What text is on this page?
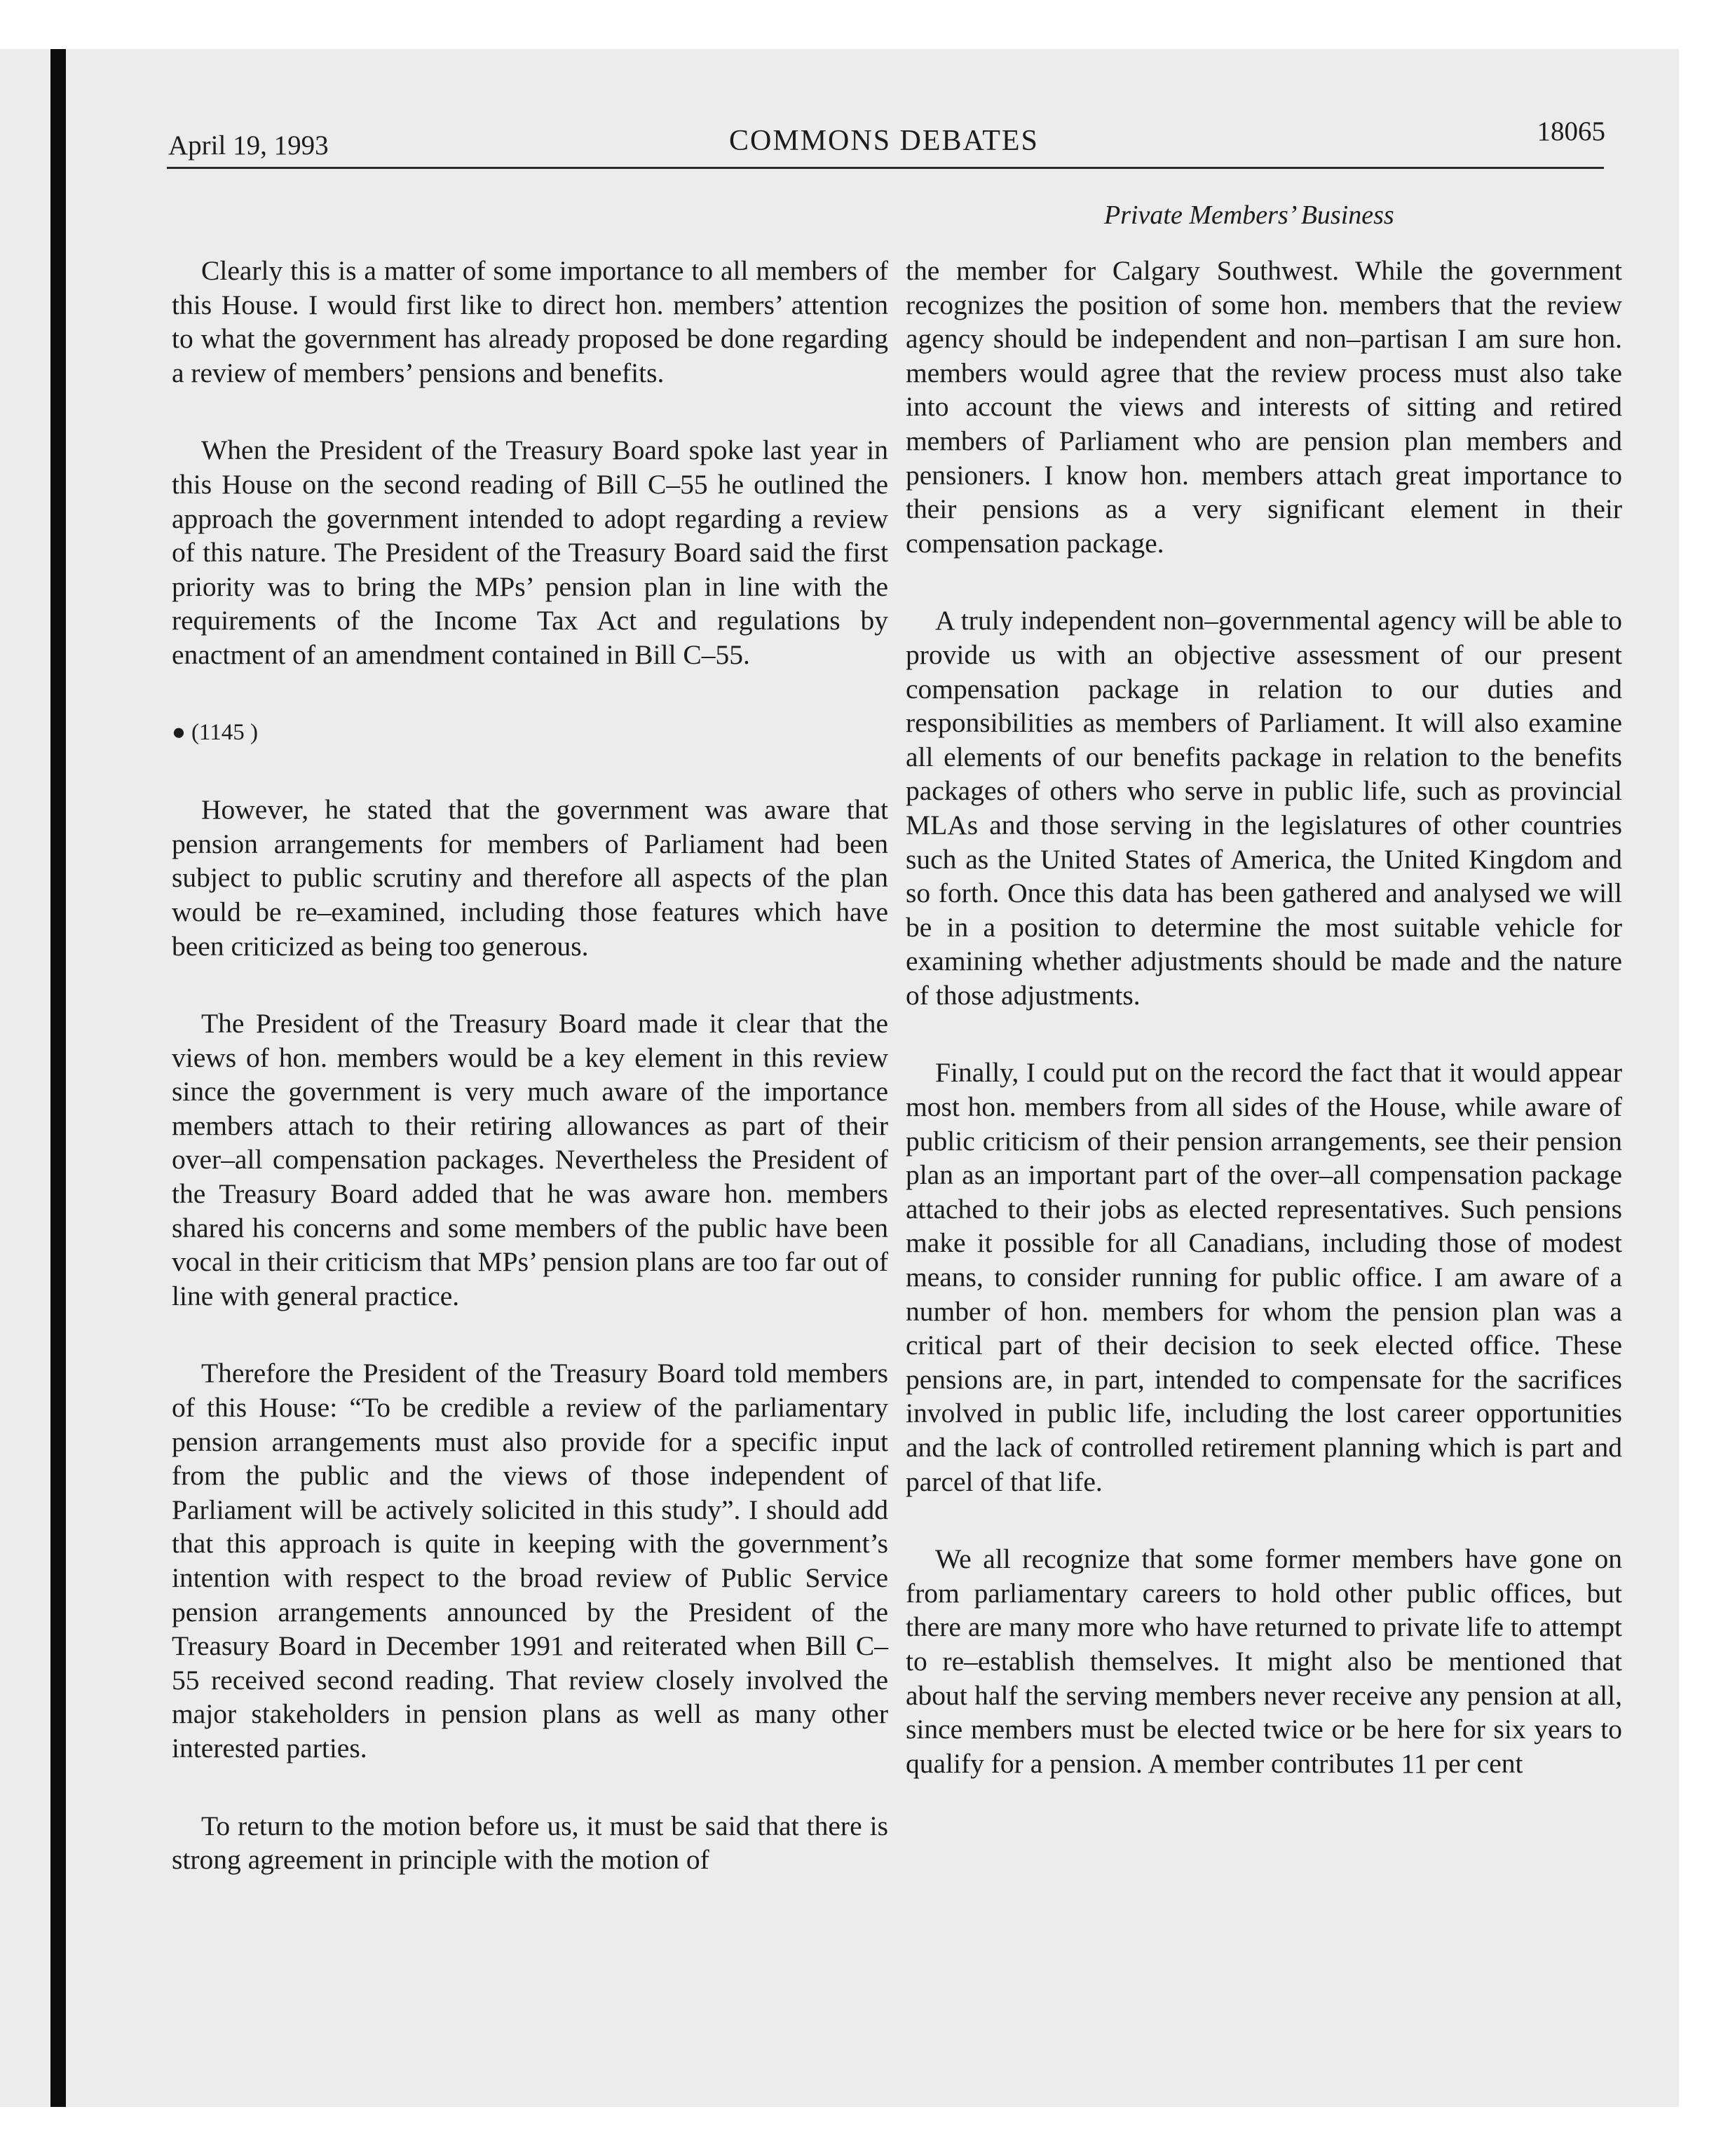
April 19, 1993	COMMONS DEBATES	18065
Private Members’ Business

Clearly this is a matter of some importance to all members of this House. I would first like to direct hon. members’ attention to what the government has already proposed be done regarding a review of members’ pensions and benefits.

When the President of the Treasury Board spoke last year in this House on the second reading of Bill C–55 he outlined the approach the government intended to adopt regarding a review of this nature. The President of the Treasury Board said the first priority was to bring the MPs’ pension plan in line with the requirements of the Income Tax Act and regulations by enactment of an amendment contained in Bill C–55.

● (1145 )

However, he stated that the government was aware that pension arrangements for members of Parliament had been subject to public scrutiny and therefore all aspects of the plan would be re–examined, including those features which have been criticized as being too generous.

The President of the Treasury Board made it clear that the views of hon. members would be a key element in this review since the government is very much aware of the importance members attach to their retiring allowances as part of their over–all compensation packages. Nevertheless the President of the Treasury Board added that he was aware hon. members shared his concerns and some members of the public have been vocal in their criticism that MPs’ pension plans are too far out of line with general practice.

Therefore the President of the Treasury Board told members of this House: “To be credible a review of the parliamentary pension arrangements must also provide for a specific input from the public and the views of those independent of Parliament will be actively solicited in this study”. I should add that this approach is quite in keeping with the government’s intention with respect to the broad review of Public Service pension arrangements announced by the President of the Treasury Board in December 1991 and reiterated when Bill C–55 received second reading. That review closely involved the major stakeholders in pension plans as well as many other interested parties.

To return to the motion before us, it must be said that there is strong agreement in principle with the motion of

the member for Calgary Southwest. While the government recognizes the position of some hon. members that the review agency should be independent and non–partisan I am sure hon. members would agree that the review process must also take into account the views and interests of sitting and retired members of Parliament who are pension plan members and pensioners. I know hon. members attach great importance to their pensions as a very significant element in their compensation package.

A truly independent non–governmental agency will be able to provide us with an objective assessment of our present compensation package in relation to our duties and responsibilities as members of Parliament. It will also examine all elements of our benefits package in relation to the benefits packages of others who serve in public life, such as provincial MLAs and those serving in the legislatures of other countries such as the United States of America, the United Kingdom and so forth. Once this data has been gathered and analysed we will be in a position to determine the most suitable vehicle for examining whether adjustments should be made and the nature of those adjustments.

Finally, I could put on the record the fact that it would appear most hon. members from all sides of the House, while aware of public criticism of their pension arrangements, see their pension plan as an important part of the over–all compensation package attached to their jobs as elected representatives. Such pensions make it possible for all Canadians, including those of modest means, to consider running for public office. I am aware of a number of hon. members for whom the pension plan was a critical part of their decision to seek elected office. These pensions are, in part, intended to compensate for the sacrifices involved in public life, including the lost career opportunities and the lack of controlled retirement planning which is part and parcel of that life.

We all recognize that some former members have gone on from parliamentary careers to hold other public offices, but there are many more who have returned to private life to attempt to re–establish themselves. It might also be mentioned that about half the serving members never receive any pension at all, since members must be elected twice or be here for six years to qualify for a pension. A member contributes 11 per cent
